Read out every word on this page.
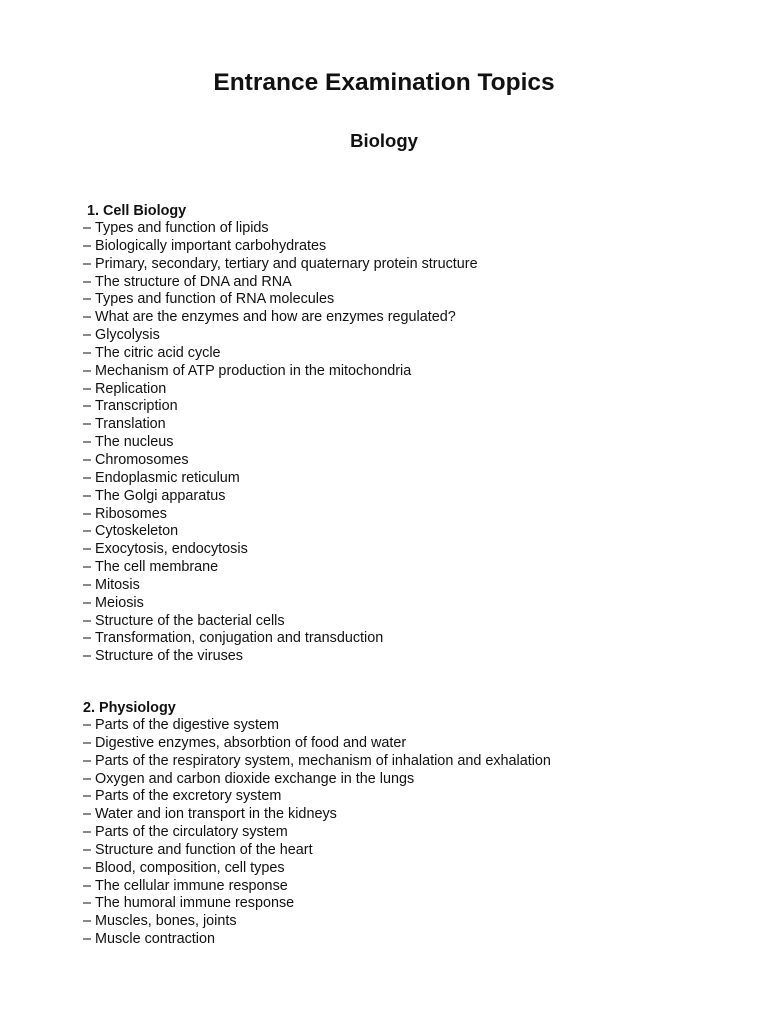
Entrance Examination Topics
Biology
1. Cell Biology
– Types and function of lipids
– Biologically important carbohydrates
– Primary, secondary, tertiary and quaternary protein structure
– The structure of DNA and RNA
– Types and function of RNA molecules
– What are the enzymes and how are enzymes regulated?
– Glycolysis
– The citric acid cycle
– Mechanism of ATP production in the mitochondria
– Replication
– Transcription
– Translation
– The nucleus
– Chromosomes
– Endoplasmic reticulum
– The Golgi apparatus
– Ribosomes
– Cytoskeleton
– Exocytosis, endocytosis
– The cell membrane
– Mitosis
– Meiosis
– Structure of the bacterial cells
– Transformation, conjugation and transduction
– Structure of the viruses
2. Physiology
– Parts of the digestive system
– Digestive enzymes, absorbtion of food and water
– Parts of the respiratory system, mechanism of inhalation and exhalation
– Oxygen and carbon dioxide exchange in the lungs
– Parts of the excretory system
– Water and ion transport in the kidneys
– Parts of the circulatory system
– Structure and function of the heart
– Blood, composition, cell types
– The cellular immune response
– The humoral immune response
– Muscles, bones, joints
– Muscle contraction
